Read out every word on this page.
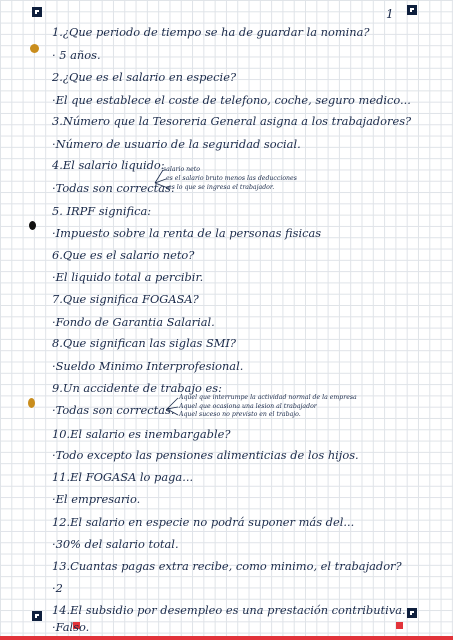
1
1.¿Que periodo de tiempo se ha de guardar la nomina?
· 5 años.
2.¿Que es el salario en especie?
·El que establece el coste de telefono, coche, seguro medico...
3.Número que la Tesoreria General asigna a los trabajadores?
·Número de usuario de la seguridad social.
4.El salario liquido:
·Todas son correctas.
5. IRPF significa:
·Impuesto sobre la renta de la personas fisicas
6.Que es el salario neto?
·El liquido total a percibir.
7.Que significa FOGASA?
·Fondo de Garantia Salarial.
8.Que significan las siglas SMI?
·Sueldo Minimo Interprofesional.
9.Un accidente de trabajo es:
·Todas son correctas.
10.El salario es inembargable?
·Todo excepto las pensiones alimenticias de los hijos.
11.El FOGASA lo paga...
·El empresario.
12.El salario en especie no podrá suponer más del...
·30% del salario total.
13.Cuantas pagas extra recibe, como minimo, el trabajador?
·2
14.El subsidio por desempleo es una prestación contributiva.
·Falso.
salario neto
es el salario bruto menos las deducciones
es lo que se ingresa el trabajador.
Aquel que interrumpe la actividad normal de la empresa
Aquel que ocasiona una lesion al trabajador
Aquel suceso no previsto en el trabajo.
